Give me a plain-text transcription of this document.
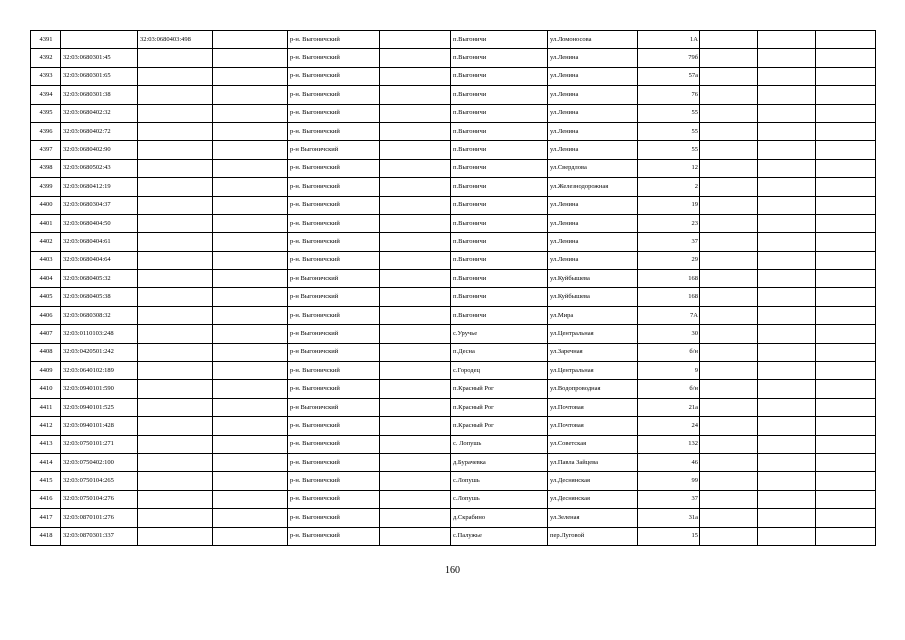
4391		32:03:0680403:498		р-н. Выгоничский		п.Выгоничи	ул.Ломоносова	1А			
4392	32:03:0680301:45			р-н. Выгоничский		п.Выгоничи	ул.Ленина	79б			
4393	32:03:0680301:65			р-н. Выгоничский		п.Выгоничи	ул.Ленина	57а			
4394	32:03:0680301:38			р-н. Выгоничский		п.Выгоничи	ул.Ленина	76			
4395	32:03:0680402:32			р-н. Выгоничский		п.Выгоничи	ул.Ленина	55			
4396	32:03:0680402:72			р-н. Выгоничский		п.Выгоничи	ул.Ленина	55			
4397	32:03:0680402:90			р-н Выгоничский		п.Выгоничи	ул.Ленина	55			
4398	32:03:0680502:43			р-н. Выгоничский		п.Выгоничи	ул.Свердлова	12			
4399	32:03:0680412:19			р-н. Выгоничский		п.Выгоничи	ул.Железнодорожная	2			
4400	32:03:0680304:37			р-н. Выгоничский		п.Выгоничи	ул.Ленина	19			
4401	32:03:0680404:50			р-н. Выгоничский		п.Выгоничи	ул.Ленина	23			
4402	32:03:0680404:61			р-н. Выгоничский		п.Выгоничи	ул.Ленина	37			
4403	32:03:0680404:64			р-н. Выгоничский		п.Выгоничи	ул.Ленина	29			
4404	32:03:0680405:32			р-н Выгоничский		п.Выгоничи	ул.Куйбышева	168			
4405	32:03:0680405:38			р-н Выгоничский		п.Выгоничи	ул.Куйбышева	168			
4406	32:03:0680308:32			р-н. Выгоничский		п.Выгоничи	ул.Мира	7А			
4407	32:03:0110103:248			р-н Выгоничский		с.Уручье	ул.Центральная	30			
4408	32:03:0420501:242			р-н Выгоничский		п.Десна	ул.Заречная	б/н			
4409	32:03:0640102:189			р-н. Выгоничский		с.Городец	ул.Центральная	9			
4410	32:03:0940101:590			р-н. Выгоничский		п.Красный Рог	ул.Водопроводная	б/н			
4411	32:03:0940101:525			р-н Выгоничский		п.Красный Рог	ул.Почтовая	21а			
4412	32:03:0940101:428			р-н. Выгоничский		п.Красный Рог	ул.Почтовая	24			
4413	32:03:0750101:271			р-н. Выгоничский		с. Лопушь	ул.Советская	132			
4414	32:03:0750402:100			р-н. Выгоничский		д.Бурачевка	ул.Павла Зайцева	46			
4415	32:03:0750104:265			р-н. Выгоничский		с.Лопушь	ул.Деснянская	99			
4416	32:03:0750104:276			р-н. Выгоничский		с.Лопушь	ул.Деснянская	37			
4417	32:03:0870101:276			р-н. Выгоничский		д.Скрабино	ул.Зеленая	31а			
4418	32:03:0870301:337			р-н. Выгоничский		с.Палужье	пер.Луговой	15			
160
